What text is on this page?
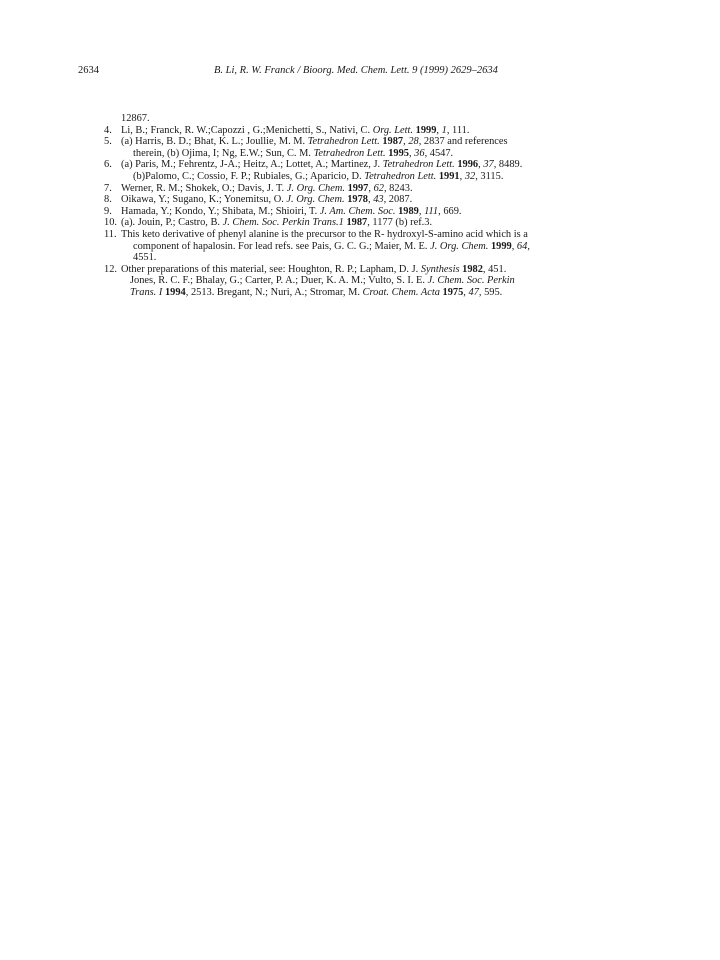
2634	B. Li, R. W. Franck / Bioorg. Med. Chem. Lett. 9 (1999) 2629–2634
12867.
4. Li, B.; Franck, R. W.;Capozzi , G.;Menichetti, S., Nativi, C. Org. Lett. 1999, 1, 111.
5. (a) Harris, B. D.; Bhat, K. L.; Joullie, M. M. Tetrahedron Lett. 1987, 28, 2837 and references
therein, (b) Ojima, I; Ng, E.W.; Sun, C. M. Tetrahedron Lett. 1995, 36, 4547.
6. (a) Paris, M.; Fehrentz, J-A.; Heitz, A.; Lottet, A.; Martinez, J. Tetrahedron Lett. 1996, 37, 8489.
(b)Palomo, C.; Cossio, F. P.; Rubiales, G.; Aparicio, D. Tetrahedron Lett. 1991, 32, 3115.
7. Werner, R. M.; Shokek, O.; Davis, J. T. J. Org. Chem. 1997, 62, 8243.
8. Oikawa, Y.; Sugano, K.; Yonemitsu, O. J. Org. Chem. 1978, 43, 2087.
9. Hamada, Y.; Kondo, Y.; Shibata, M.; Shioiri, T. J. Am. Chem. Soc. 1989, 111, 669.
10. (a). Jouin, P.; Castro, B. J. Chem. Soc. Perkin Trans.1 1987, 1177 (b) ref.3.
11. This keto derivative of phenyl alanine is the precursor to the R- hydroxyl-S-amino acid which is a
component of hapalosin. For lead refs. see Pais, G. C. G.; Maier, M. E. J. Org. Chem. 1999, 64,
4551.
12. Other preparations of this material, see: Houghton, R. P.; Lapham, D. J. Synthesis 1982, 451.
Jones, R. C. F.; Bhalay, G.; Carter, P. A.; Duer, K. A. M.; Vulto, S. I. E. J. Chem. Soc. Perkin
Trans. I 1994, 2513. Bregant, N.; Nuri, A.; Stromar, M. Croat. Chem. Acta 1975, 47, 595.
